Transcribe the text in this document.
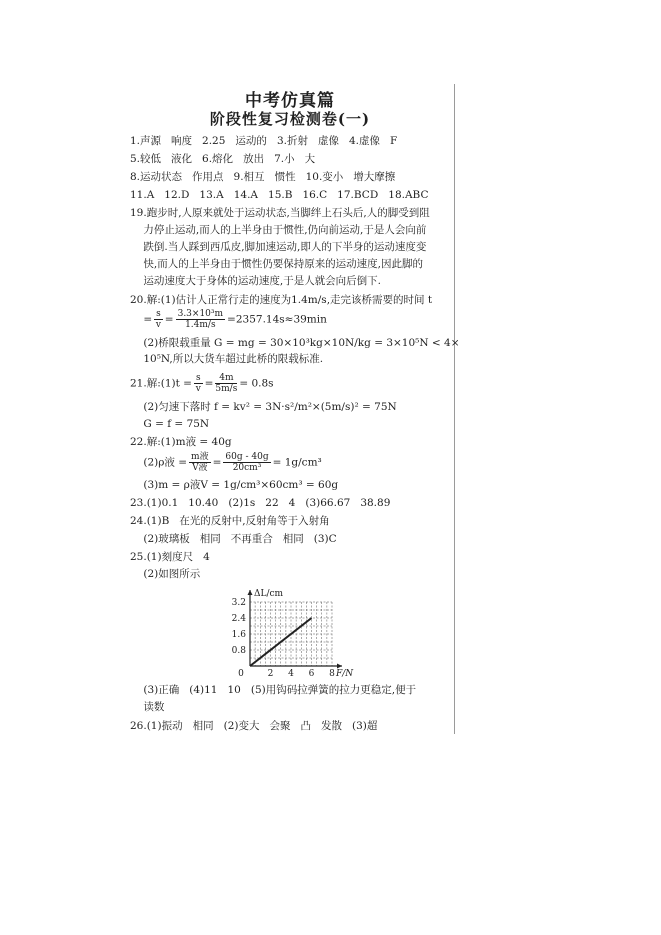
中考仿真篇
阶段性复习检测卷(一)
1.声源   响度   2.25   运动的   3.折射   虚像   4.虚像   F
5.较低   液化   6.熔化   放出   7.小   大
8.运动状态   作用点   9.相互   惯性   10.变小   增大摩擦
11.A   12.D   13.A   14.A   15.B   16.C   17.BCD   18.ABC
19.跑步时,人原来就处于运动状态,当脚绊上石头后,人的脚受到阻
力停止运动,而人的上半身由于惯性,仍向前运动,于是人会向前
跌倒.当人踩到西瓜皮,脚加速运动,即人的下半身的运动速度变
快,而人的上半身由于惯性仍要保持原来的运动速度,因此脚的
运动速度大于身体的运动速度,于是人就会向后倒下.
20.解:(1)估计人正常行走的速度为1.4m/s,走完该桥需要的时间 t
= $\frac{s}{v} = \frac{\text{3.3×10³m}}{1.4m/s} =2357.14s\approx 39\min$
(2)桥限载重量 G = mg = 30×10³kg×10N/kg = 3×10⁵N < 4×
10⁵N,所以大货车超过此桥的限载标准.
21.解:(1)t = $\frac{s}{v} = \frac{4m}{5m/s} = 0.8s$
(2)匀速下落时 f = kv² = 3N·s²/m²×(5m/s)² = 75N
G = f = 75N
22.解:(1)m液 = 40g
(2)ρ液 = $\frac{\text{m液}}{\text{V液}} = \frac{60g - 40g}{\text{20cm³}} = 1g/cm^3$
(3)m = ρ液V = 1g/cm³×60cm³ = 60g
23.(1)0.1   10.40   (2)1s   22   4   (3)66.67   38.89
24.(1)B   在光的反射中,反射角等于入射角
(2)玻璃板   相同   不再重合   相同   (3)C
25.(1)刻度尺   4
(2)如图所示
0	2 4 6 8
0.8
1.6
2.4
3.2
ΔL/cm
F/N
(3)正确   (4)11   10   (5)用钩码拉弹簧的拉力更稳定,便于
读数
26.(1)振动   相同   (2)变大   会聚   凸   发散   (3)超
